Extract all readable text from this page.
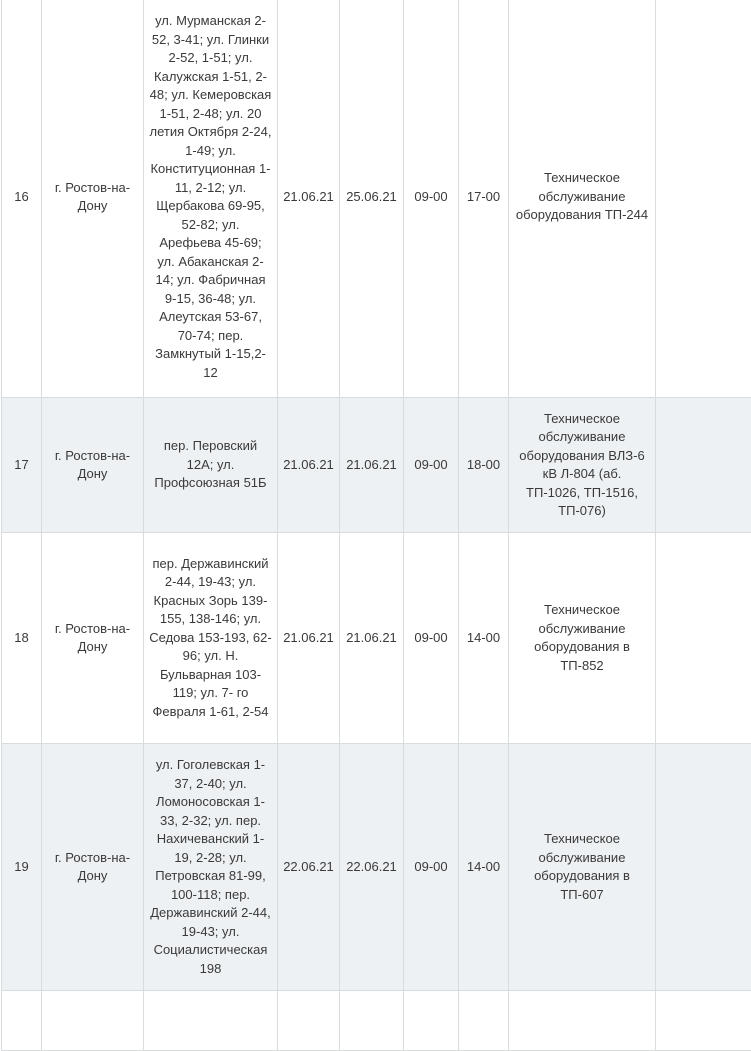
16	г. Ростов-на-Дону	ул. Мурманская 2-52, 3-41; ул. Глинки 2-52, 1-51; ул. Калужская 1-51, 2-48; ул. Кемеровская 1-51, 2-48; ул. 20 летия Октября 2-24, 1-49; ул. Конституционная 1-11, 2-12; ул. Щербакова 69-95, 52-82; ул. Арефьева 45-69; ул. Абаканская 2-14; ул. Фабричная 9-15, 36-48; ул. Алеутская 53-67, 70-74; пер. Замкнутый 1-15,2-12	21.06.21	25.06.21	09-00	17-00	Техническое обслуживание оборудования ТП-244	
17	г. Ростов-на-Дону	пер. Перовский 12А; ул. Профсоюзная 51Б	21.06.21	21.06.21	09-00	18-00	Техническое обслуживание оборудования ВЛЗ-6 кВ Л-804 (аб. ТП-1026, ТП-1516, ТП-076)	
18	г. Ростов-на-Дону	пер. Державинский 2-44, 19-43; ул. Красных Зорь 139-155, 138-146; ул. Седова 153-193, 62-96; ул. Н. Бульварная 103-119; ул. 7- го Февраля 1-61, 2-54	21.06.21	21.06.21	09-00	14-00	Техническое обслуживание оборудования в ТП-852	
19	г. Ростов-на-Дону	ул. Гоголевская 1-37, 2-40; ул. Ломоносовская 1-33, 2-32; ул. пер. Нахичеванский 1-19, 2-28; ул. Петровская 81-99, 100-118; пер. Державинский 2-44, 19-43; ул. Социалистическая 198	22.06.21	22.06.21	09-00	14-00	Техническое обслуживание оборудования в ТП-607	
